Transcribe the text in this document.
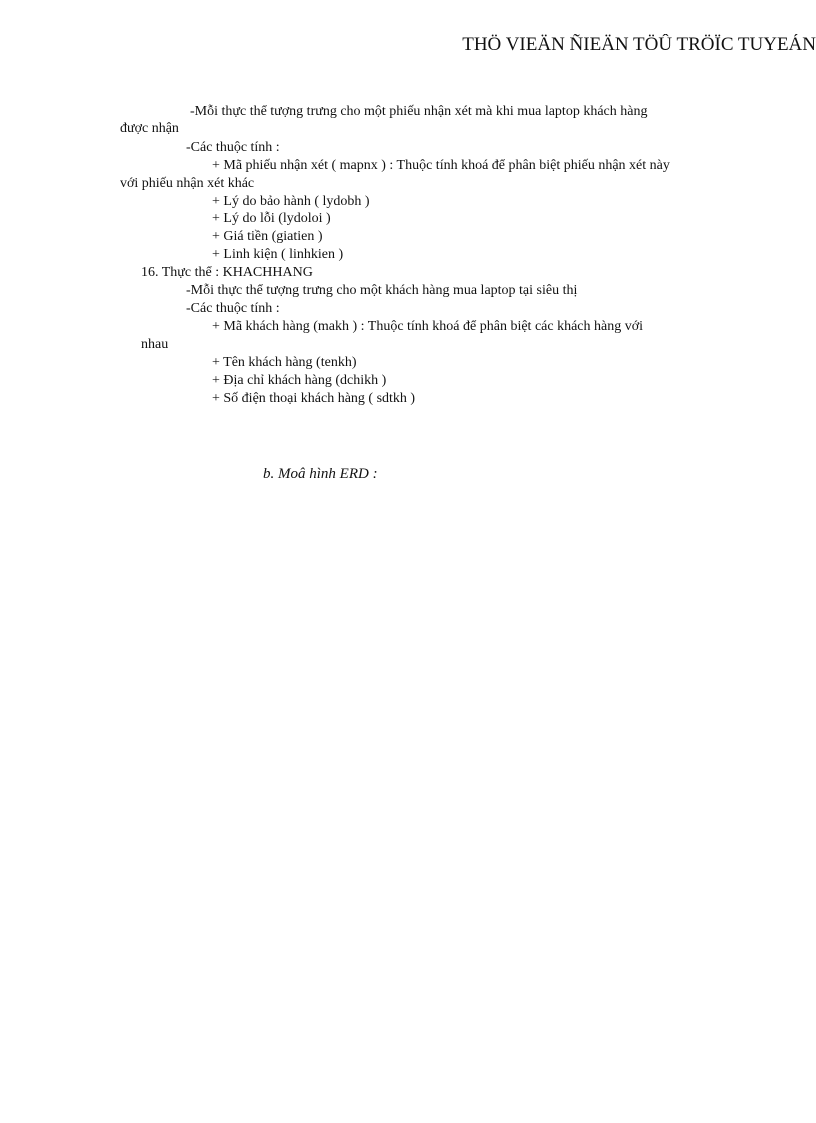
THÖ VIEÄN ÑIEÄN TÖÛ TRÖÏC TUYEÁN
-Mỗi thực thể tượng trưng cho một phiếu nhận xét mà khi mua laptop khách hàng
được nhận
-Các thuộc tính :
+ Mã phiếu nhận xét ( mapnx ) : Thuộc tính khoá để phân biệt phiếu nhận xét này
với phiếu nhận xét khác
+ Lý do bảo hành ( lydobh )
+ Lý do lỗi (lydoloi )
+ Giá tiền (giatien )
+ Linh kiện ( linhkien )
16. Thực thể : KHACHHANG
-Mỗi thực thể tượng trưng cho một khách hàng mua laptop tại siêu thị
-Các thuộc tính :
+ Mã khách hàng (makh ) : Thuộc tính khoá để phân biệt các khách hàng với
nhau
+ Tên khách hàng (tenkh)
+ Địa chỉ khách hàng (dchikh )
+ Số điện thoại khách hàng ( sdtkh )
b. Moâ hình ERD :
